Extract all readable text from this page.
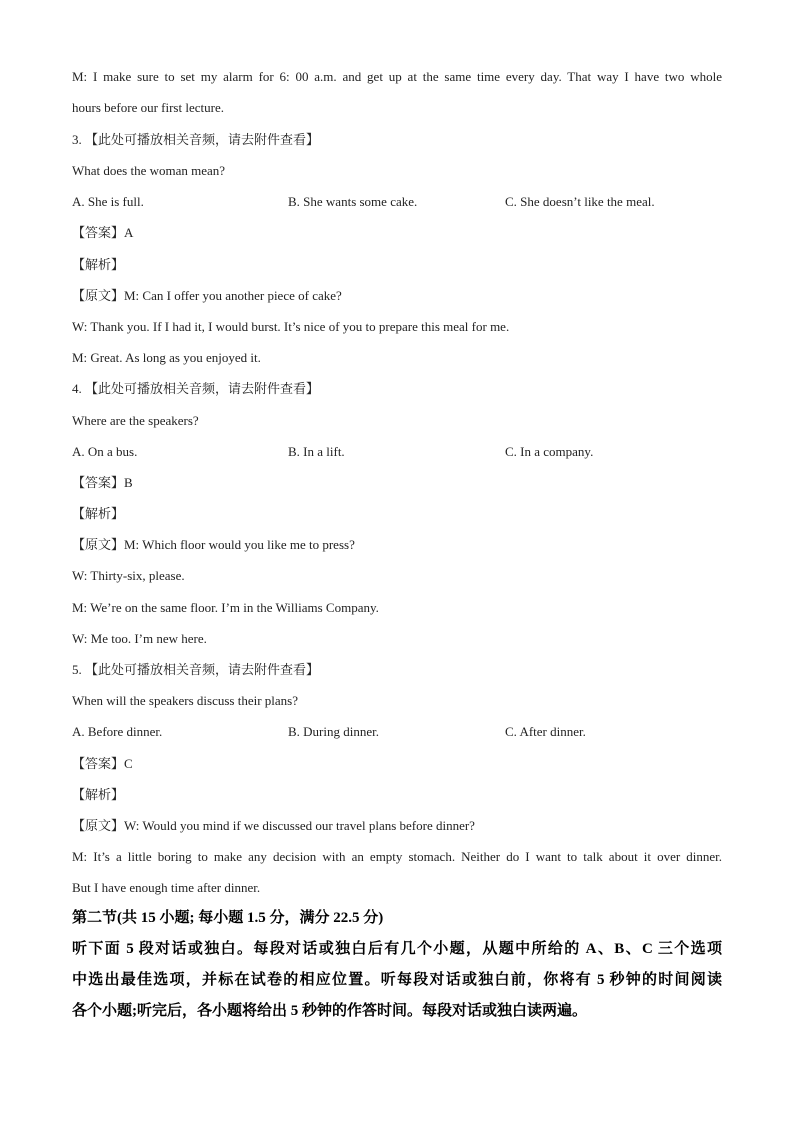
M: I make sure to set my alarm for 6: 00 a.m. and get up at the same time every day. That way I have two whole
hours before our first lecture.
3. 【此处可播放相关音频，请去附件查看】
What does the woman mean?
A. She is full.	B. She wants some cake.	C. She doesn’t like the meal.
【答案】A
【解析】
【原文】M: Can I offer you another piece of cake?
W: Thank you. If I had it, I would burst. It’s nice of you to prepare this meal for me.
M: Great. As long as you enjoyed it.
4. 【此处可播放相关音频，请去附件查看】
Where are the speakers?
A. On a bus.	B. In a lift.	C. In a company.
【答案】B
【解析】
【原文】M: Which floor would you like me to press?
W: Thirty-six, please.
M: We’re on the same floor. I’m in the Williams Company.
W: Me too. I’m new here.
5. 【此处可播放相关音频，请去附件查看】
When will the speakers discuss their plans?
A. Before dinner.	B. During dinner.	C. After dinner.
【答案】C
【解析】
【原文】W: Would you mind if we discussed our travel plans before dinner?
M: It’s a little boring to make any decision with an empty stomach. Neither do I want to talk about it over dinner.
But I have enough time after dinner.
第二节(共 15 小题; 每小题 1.5 分，满分 22.5 分)
听下面 5 段对话或独白。每段对话或独白后有几个小题，从题中所给的 A、B、C 三个选项
中选出最佳选项，并标在试卷的相应位置。听每段对话或独白前，你将有 5 秒钟的时间阅读
各个小题;听完后，各小题将给出 5 秒钟的作答时间。每段对话或独白读两遍。
